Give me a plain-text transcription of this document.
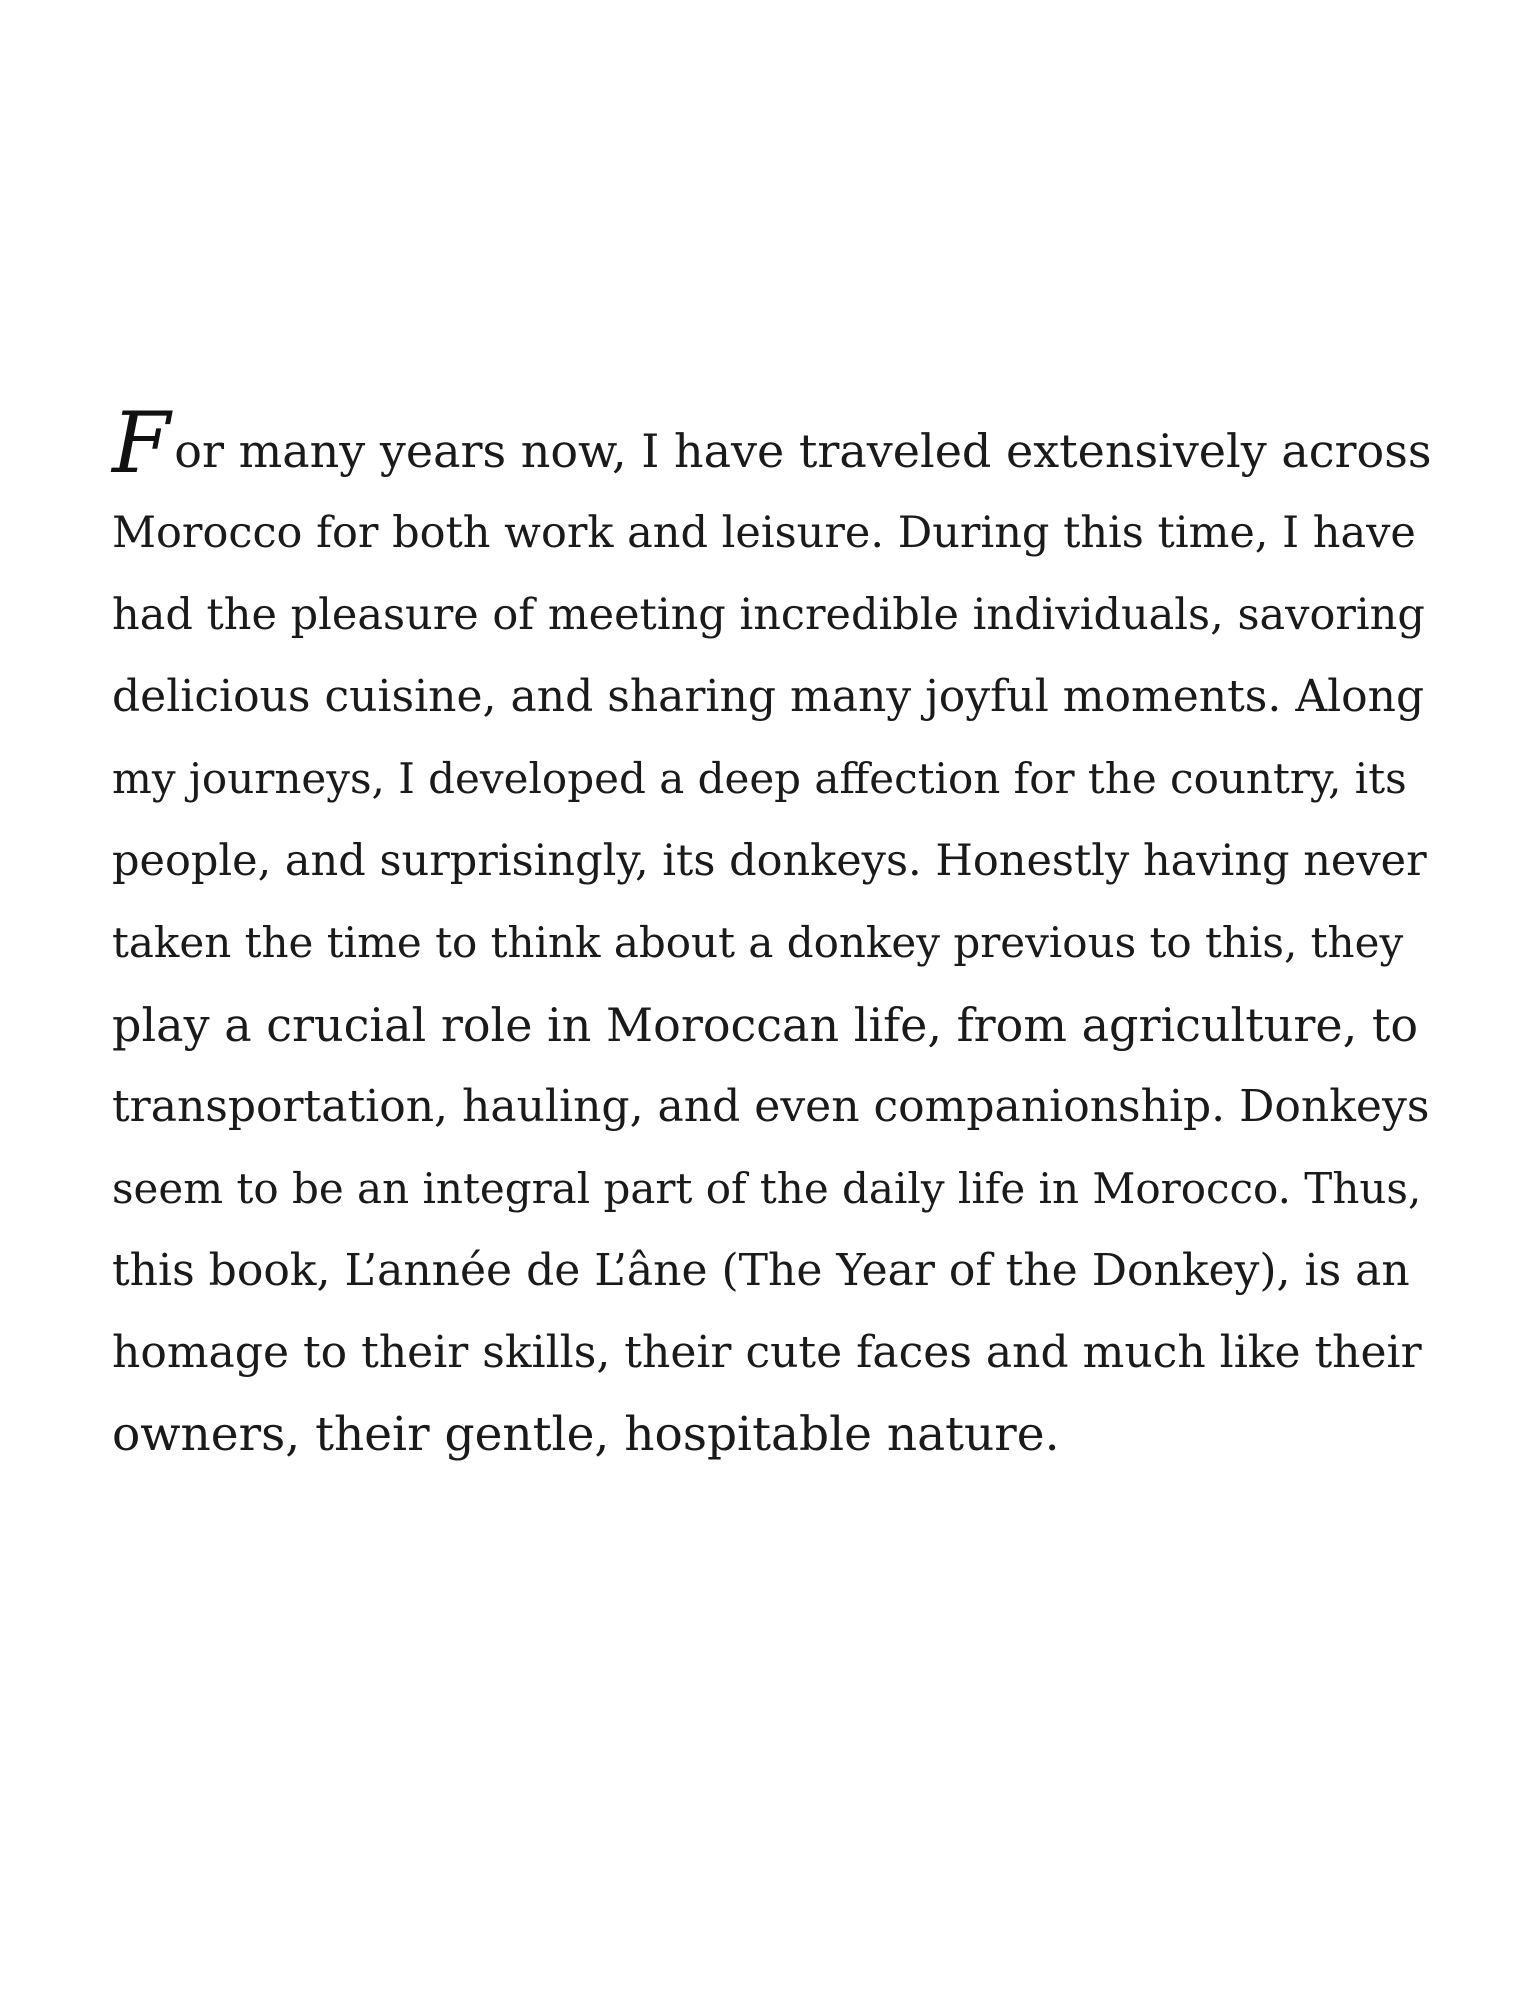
For many years now, I have traveled extensively across
Morocco for both work and leisure. During this time, I have
had the pleasure of meeting incredible individuals, savoring
delicious cuisine, and sharing many joyful moments. Along
my journeys, I developed a deep affection for the country, its
people, and surprisingly, its donkeys. Honestly having never
taken the time to think about a donkey previous to this, they
play a crucial role in Moroccan life, from agriculture, to
transportation, hauling, and even companionship. Donkeys
seem to be an integral part of the daily life in Morocco. Thus,
this book, L’année de L’âne (The Year of the Donkey), is an
homage to their skills, their cute faces and much like their
owners, their gentle, hospitable nature.
